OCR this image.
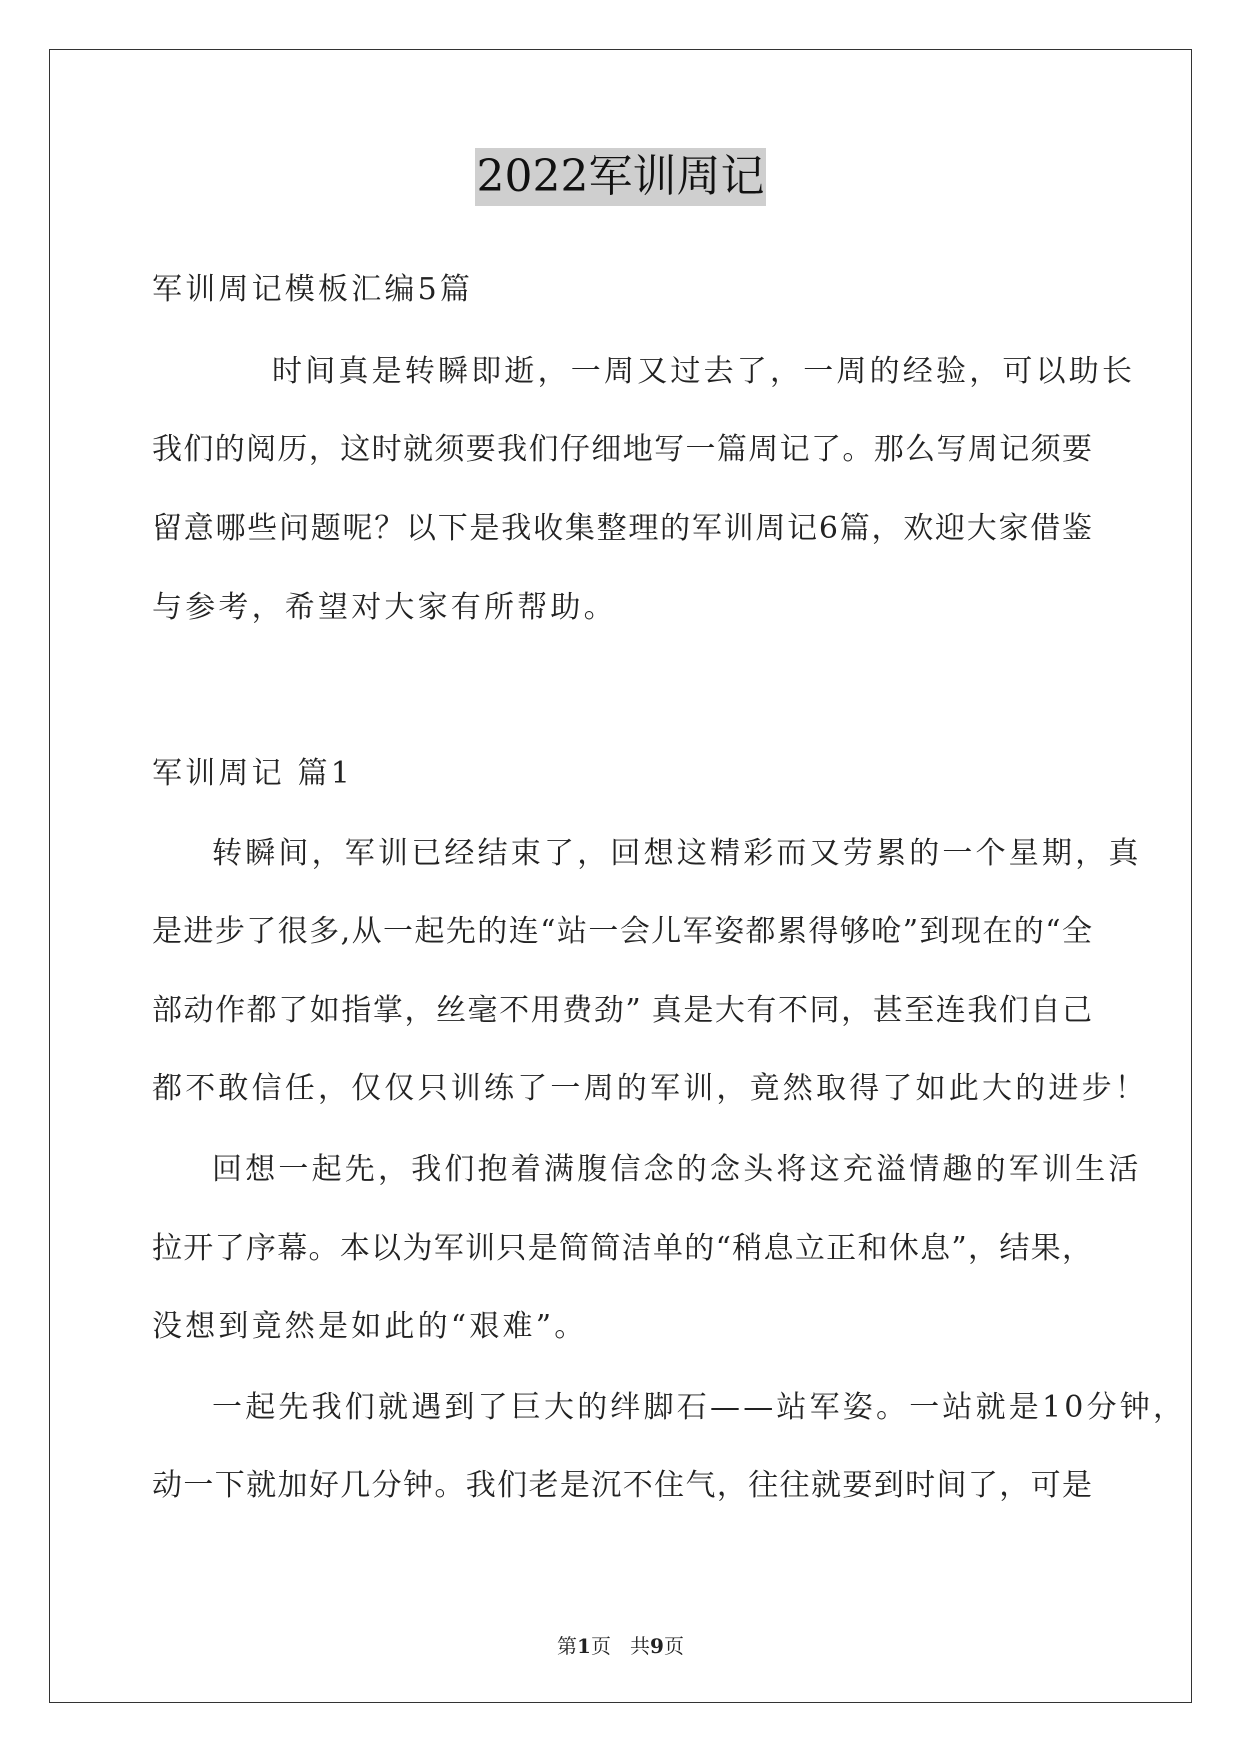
2022军训周记
军训周记模板汇编5篇
时间真是转瞬即逝，一周又过去了，一周的经验，可以助长
我们的阅历，这时就须要我们仔细地写一篇周记了。那么写周记须要
留意哪些问题呢？以下是我收集整理的军训周记6篇，欢迎大家借鉴
与参考，希望对大家有所帮助。
军训周记 篇1
转瞬间，军训已经结束了，回想这精彩而又劳累的一个星期，真
是进步了很多,从一起先的连“站一会儿军姿都累得够呛”到现在的“全
部动作都了如指掌，丝毫不用费劲” 真是大有不同，甚至连我们自己
都不敢信任，仅仅只训练了一周的军训，竟然取得了如此大的进步！
回想一起先，我们抱着满腹信念的念头将这充溢情趣的军训生活
拉开了序幕。本以为军训只是简简洁单的“稍息立正和休息”，结果，
没想到竟然是如此的“艰难”。
一起先我们就遇到了巨大的绊脚石——站军姿。一站就是10分钟，
动一下就加好几分钟。我们老是沉不住气，往往就要到时间了，可是
第1页   共9页
